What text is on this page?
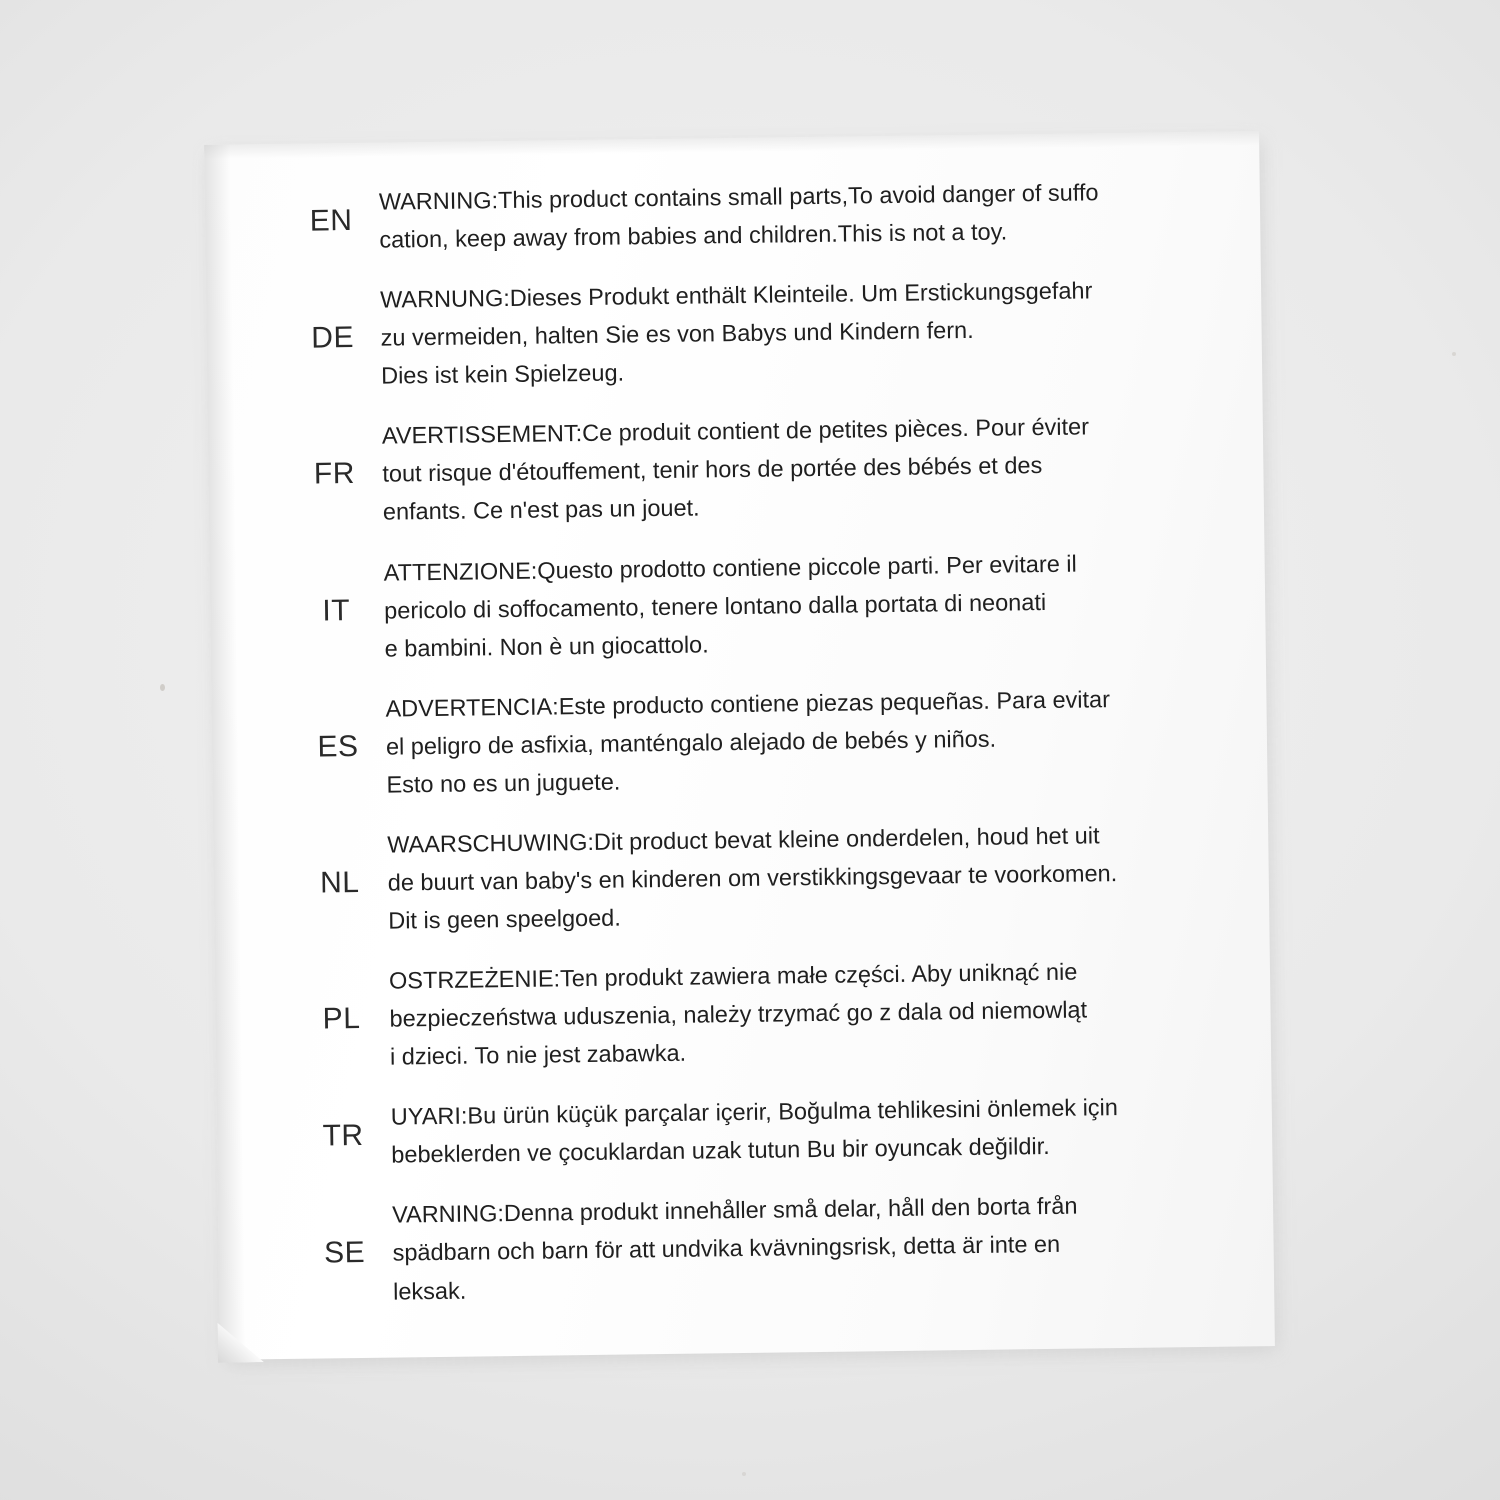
EN

WARNING:This product contains small parts,To avoid danger of suffo

cation, keep away from babies and children.This is not a toy.

DE

WARNUNG:Dieses Produkt enthält Kleinteile. Um Erstickungsgefahr

zu vermeiden, halten Sie es von Babys und Kindern fern.

Dies ist kein Spielzeug.

FR

AVERTISSEMENT:Ce produit contient de petites pièces. Pour éviter

tout risque d'étouffement, tenir hors de portée des bébés et des

enfants. Ce n'est pas un jouet.

IT

ATTENZIONE:Questo prodotto contiene piccole parti. Per evitare il

pericolo di soffocamento, tenere lontano dalla portata di neonati

e bambini. Non è un giocattolo.

ES

ADVERTENCIA:Este producto contiene piezas pequeñas. Para evitar

el peligro de asfixia, manténgalo alejado de bebés y niños.

Esto no es un juguete.

NL

WAARSCHUWING:Dit product bevat kleine onderdelen, houd het uit

de buurt van baby's en kinderen om verstikkingsgevaar te voorkomen.

Dit is geen speelgoed.

PL

OSTRZEŻENIE:Ten produkt zawiera małe części. Aby uniknąć nie

bezpieczeństwa uduszenia, należy trzymać go z dala od niemowląt

i dzieci. To nie jest zabawka.

TR

UYARI:Bu ürün küçük parçalar içerir, Boğulma tehlikesini önlemek için

bebeklerden ve çocuklardan uzak tutun Bu bir oyuncak değildir.

SE

VARNING:Denna produkt innehåller små delar, håll den borta från

spädbarn och barn för att undvika kvävningsrisk, detta är inte en

leksak.
